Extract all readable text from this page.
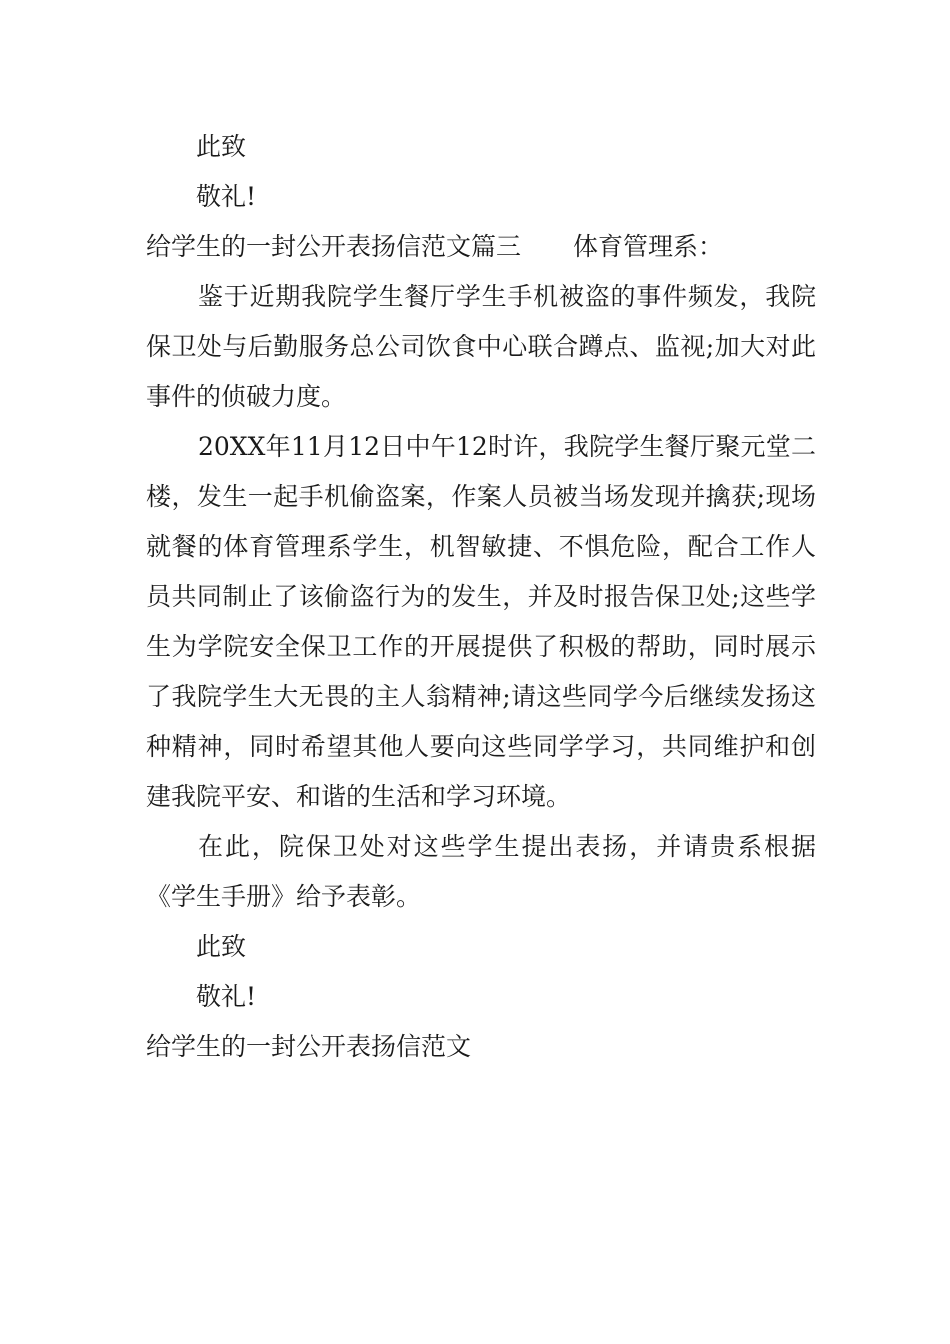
此致
敬礼!
给学生的一封公开表扬信范文篇三 体育管理系：

鉴于近期我院学生餐厅学生手机被盗的事件频发，我院保卫处与后勤服务总公司饮食中心联合蹲点、监视;加大对此事件的侦破力度。

20XX年11月12日中午12时许，我院学生餐厅聚元堂二楼，发生一起手机偷盗案，作案人员被当场发现并擒获;现场就餐的体育管理系学生，机智敏捷、不惧危险，配合工作人员共同制止了该偷盗行为的发生，并及时报告保卫处;这些学生为学院安全保卫工作的开展提供了积极的帮助，同时展示了我院学生大无畏的主人翁精神;请这些同学今后继续发扬这种精神，同时希望其他人要向这些同学学习，共同维护和创建我院平安、和谐的生活和学习环境。

在此，院保卫处对这些学生提出表扬，并请贵系根据《学生手册》给予表彰。

此致
敬礼!
给学生的一封公开表扬信范文
